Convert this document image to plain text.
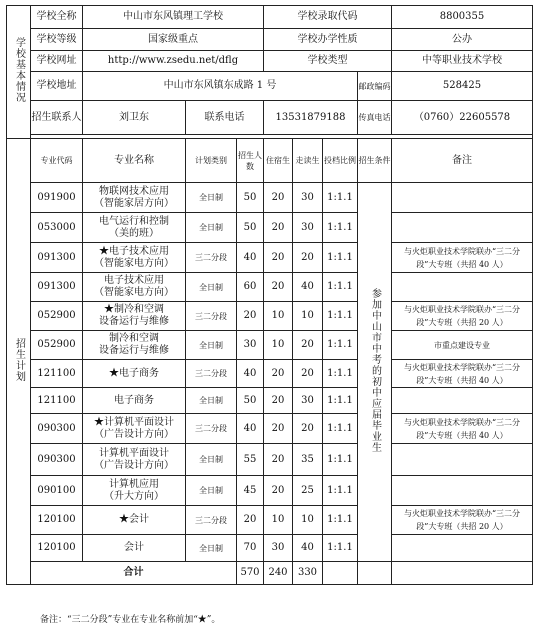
学校基本情况	学校全称	中山市东风镇理工学校			学校录取代码				8800355
	学校等级	国家级重点			学校办学性质				公办
	学校网址	http://www.zsedu.net/dflg			学校类型				中等职业技术学校
	学校地址	中山市东风镇东成路 1 号						邮政编码	528425
	招生联系人	刘卫东	联系电话		13531879188			传真电话	（0760）22605578

招生计划	专业代码	专业名称	计划类别	招生人数	住宿生	走读生	投档比例	招生条件	备注
	091900	物联网技术应用
（智能家居方向）	全日制	50	20	30	1:1.1	参加中山市中考的初中应届毕业生	
	053000	电气运行和控制
（美的班）	全日制	50	20	30	1:1.1		
	091300	★电子技术应用
（智能家电方向）	三二分段	40	20	20	1:1.1		与火炬职业技术学院联办“三二分段”大专班（共招 40 人）
	091300	电子技术应用
（智能家电方向）	全日制	60	20	40	1:1.1		
	052900	★制冷和空调
设备运行与维修	三二分段	20	10	10	1:1.1		与火炬职业技术学院联办“三二分段”大专班（共招 20 人）
	052900	制冷和空调
设备运行与维修	全日制	30	10	20	1:1.1		市重点建设专业
	121100	★电子商务	三二分段	40	20	20	1:1.1		与火炬职业技术学院联办“三二分段”大专班（共招 40 人）
	121100	电子商务	全日制	50	20	30	1:1.1		
	090300	★计算机平面设计
（广告设计方向）	三二分段	40	20	20	1:1.1		与火炬职业技术学院联办“三二分段”大专班（共招 40 人）
	090300	计算机平面设计
（广告设计方向）	全日制	55	20	35	1:1.1		
	090100	计算机应用
（升大方向）	全日制	45	20	25	1:1.1		
	120100	★会计	三二分段	20	10	10	1:1.1		与火炬职业技术学院联办“三二分段”大专班（共招 20 人）
	120100	会计	全日制	70	30	40	1:1.1		
	合计			570	240	330			
备注：“三二分段”专业在专业名称前加“★”。
